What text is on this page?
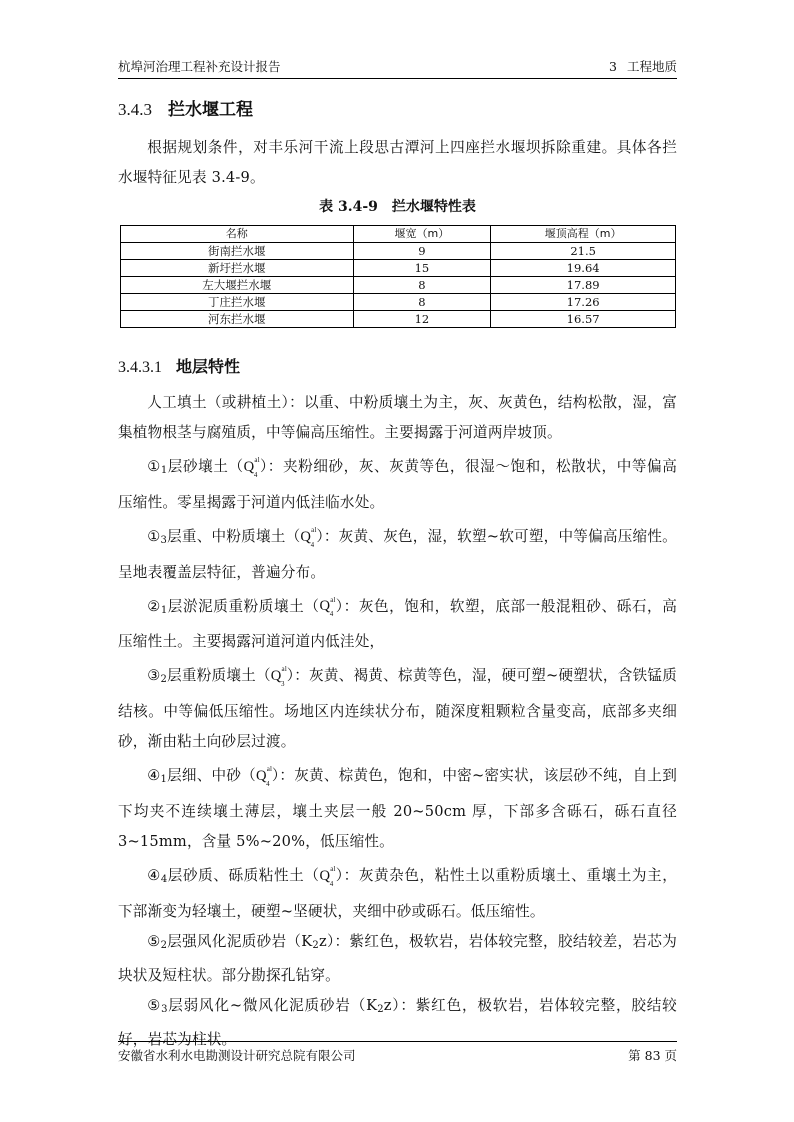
杭埠河治理工程补充设计报告	3 工程地质
3.4.3 拦水堰工程

根据规划条件，对丰乐河干流上段思古潭河上四座拦水堰坝拆除重建。具体各拦水堰特征见表 3.4-9。

表 3.4-9 拦水堰特性表
名称	堰宽（m）	堰顶高程（m）
街南拦水堰	9	21.5
新圩拦水堰	15	19.64
左大堰拦水堰	8	17.89
丁庄拦水堰	8	17.26
河东拦水堰	12	16.57
3.4.3.1 地层特性

人工填土（或耕植土）：以重、中粉质壤土为主，灰、灰黄色，结构松散，湿，富集植物根茎与腐殖质，中等偏高压缩性。主要揭露于河道两岸坡顶。

①1层砂壤土（$Q^{al}_4$ ）：夹粉细砂，灰、灰黄等色，很湿～饱和，松散状，中等偏高压缩性。零星揭露于河道内低洼临水处。

①3层重、中粉质壤土（$Q^{al}_4$ ）：灰黄、灰色，湿，软塑~软可塑，中等偏高压缩性。呈地表覆盖层特征，普遍分布。

②1层淤泥质重粉质壤土（$Q^{al}_4$ ）：灰色，饱和，软塑，底部一般混粗砂、砾石，高压缩性土。主要揭露河道河道内低洼处，

③2层重粉质壤土（$Q^{al}_3$ ）：灰黄、褐黄、棕黄等色，湿，硬可塑~硬塑状，含铁锰质结核。中等偏低压缩性。场地区内连续状分布，随深度粗颗粒含量变高，底部多夹细砂，渐由粘土向砂层过渡。

④1层细、中砂（$Q^{al}_4$ ）：灰黄、棕黄色，饱和，中密~密实状，该层砂不纯，自上到下均夹不连续壤土薄层，壤土夹层一般 20~50cm 厚，下部多含砾石，砾石直径 3~15mm，含量 5%~20%，低压缩性。

④4层砂质、砾质粘性土（$Q^{al}_4$ ）：灰黄杂色，粘性土以重粉质壤土、重壤土为主，下部渐变为轻壤土，硬塑~坚硬状，夹细中砂或砾石。低压缩性。

⑤2层强风化泥质砂岩（K2z）：紫红色，极软岩，岩体较完整，胶结较差，岩芯为块状及短柱状。部分勘探孔钻穿。

⑤3层弱风化~微风化泥质砂岩（K2z）：紫红色，极软岩，岩体较完整，胶结较好，岩芯为柱状。

安徽省水利水电勘测设计研究总院有限公司	第 83 页
